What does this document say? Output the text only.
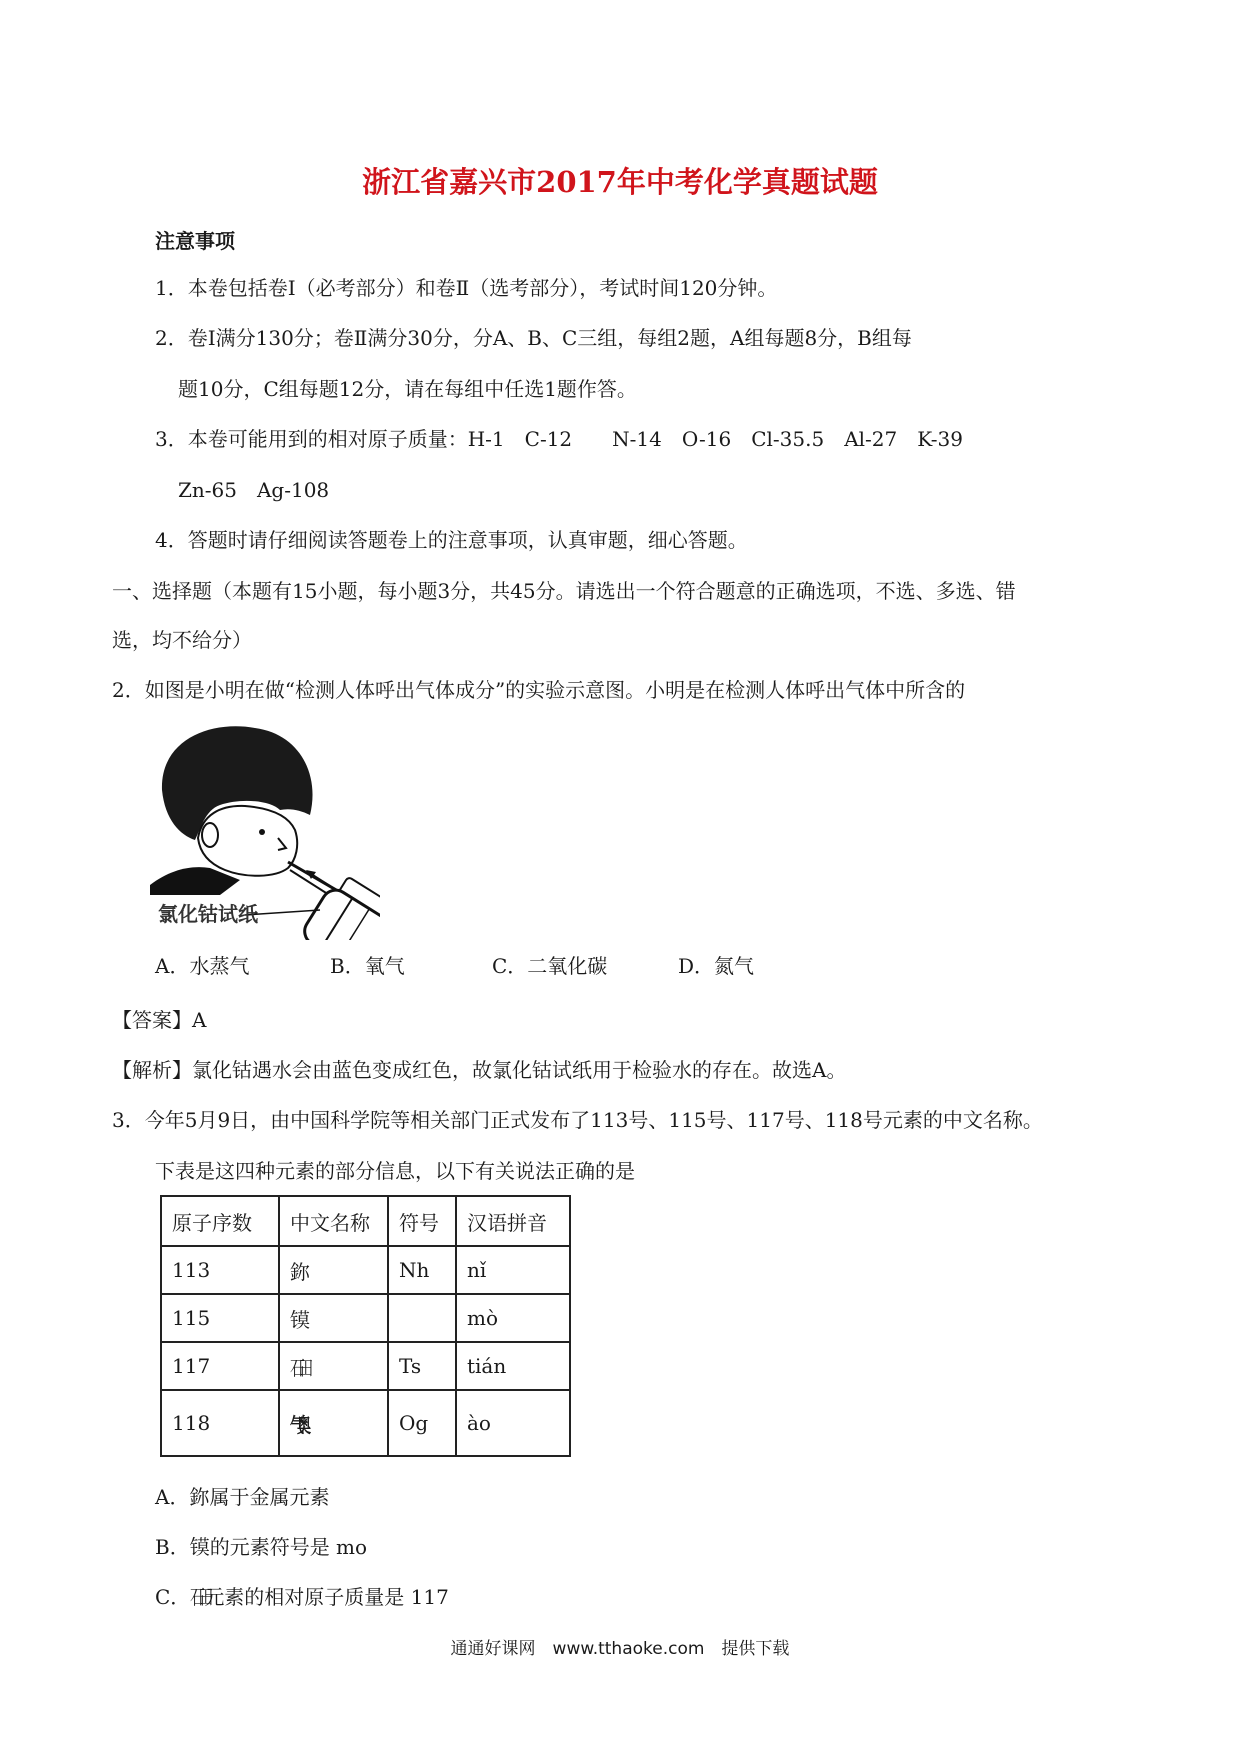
浙江省嘉兴市2017年中考化学真题试题
注意事项
1．本卷包括卷Ⅰ（必考部分）和卷Ⅱ（选考部分），考试时间120分钟。
2．卷Ⅰ满分130分；卷Ⅱ满分30分，分A、B、C三组，每组2题，A组每题8分，B组每
题10分，C组每题12分，请在每组中任选1题作答。
3．本卷可能用到的相对原子质量：H-1　C-12　　N-14　O-16　Cl-35.5　Al-27　K-39
Zn-65　Ag-108
4．答题时请仔细阅读答题卷上的注意事项，认真审题，细心答题。
一、选择题（本题有15小题，每小题3分，共45分。请选出一个符合题意的正确选项，不选、多选、错
选，均不给分）
2．如图是小明在做“检测人体呼出气体成分”的实验示意图。小明是在检测人体呼出气体中所含的
氯化钴试纸
A．水蒸气	B．氧气	C．二氧化碳	D．氮气
【答案】A
【解析】氯化钴遇水会由蓝色变成红色，故氯化钴试纸用于检验水的存在。故选A。
3．今年5月9日，由中国科学院等相关部门正式发布了113号、115号、117号、118号元素的中文名称。
下表是这四种元素的部分信息，以下有关说法正确的是
原子序数	中文名称	符号	汉语拼音
113	鉨	Nh	nǐ
115	镆		mò
117	石田	Ts	tián
118	气奥	Og	ào
A．鉨属于金属元素
B．镆的元素符号是 mo
C．石田元素的相对原子质量是 117
通通好课网　www.tthaoke.com　提供下载
